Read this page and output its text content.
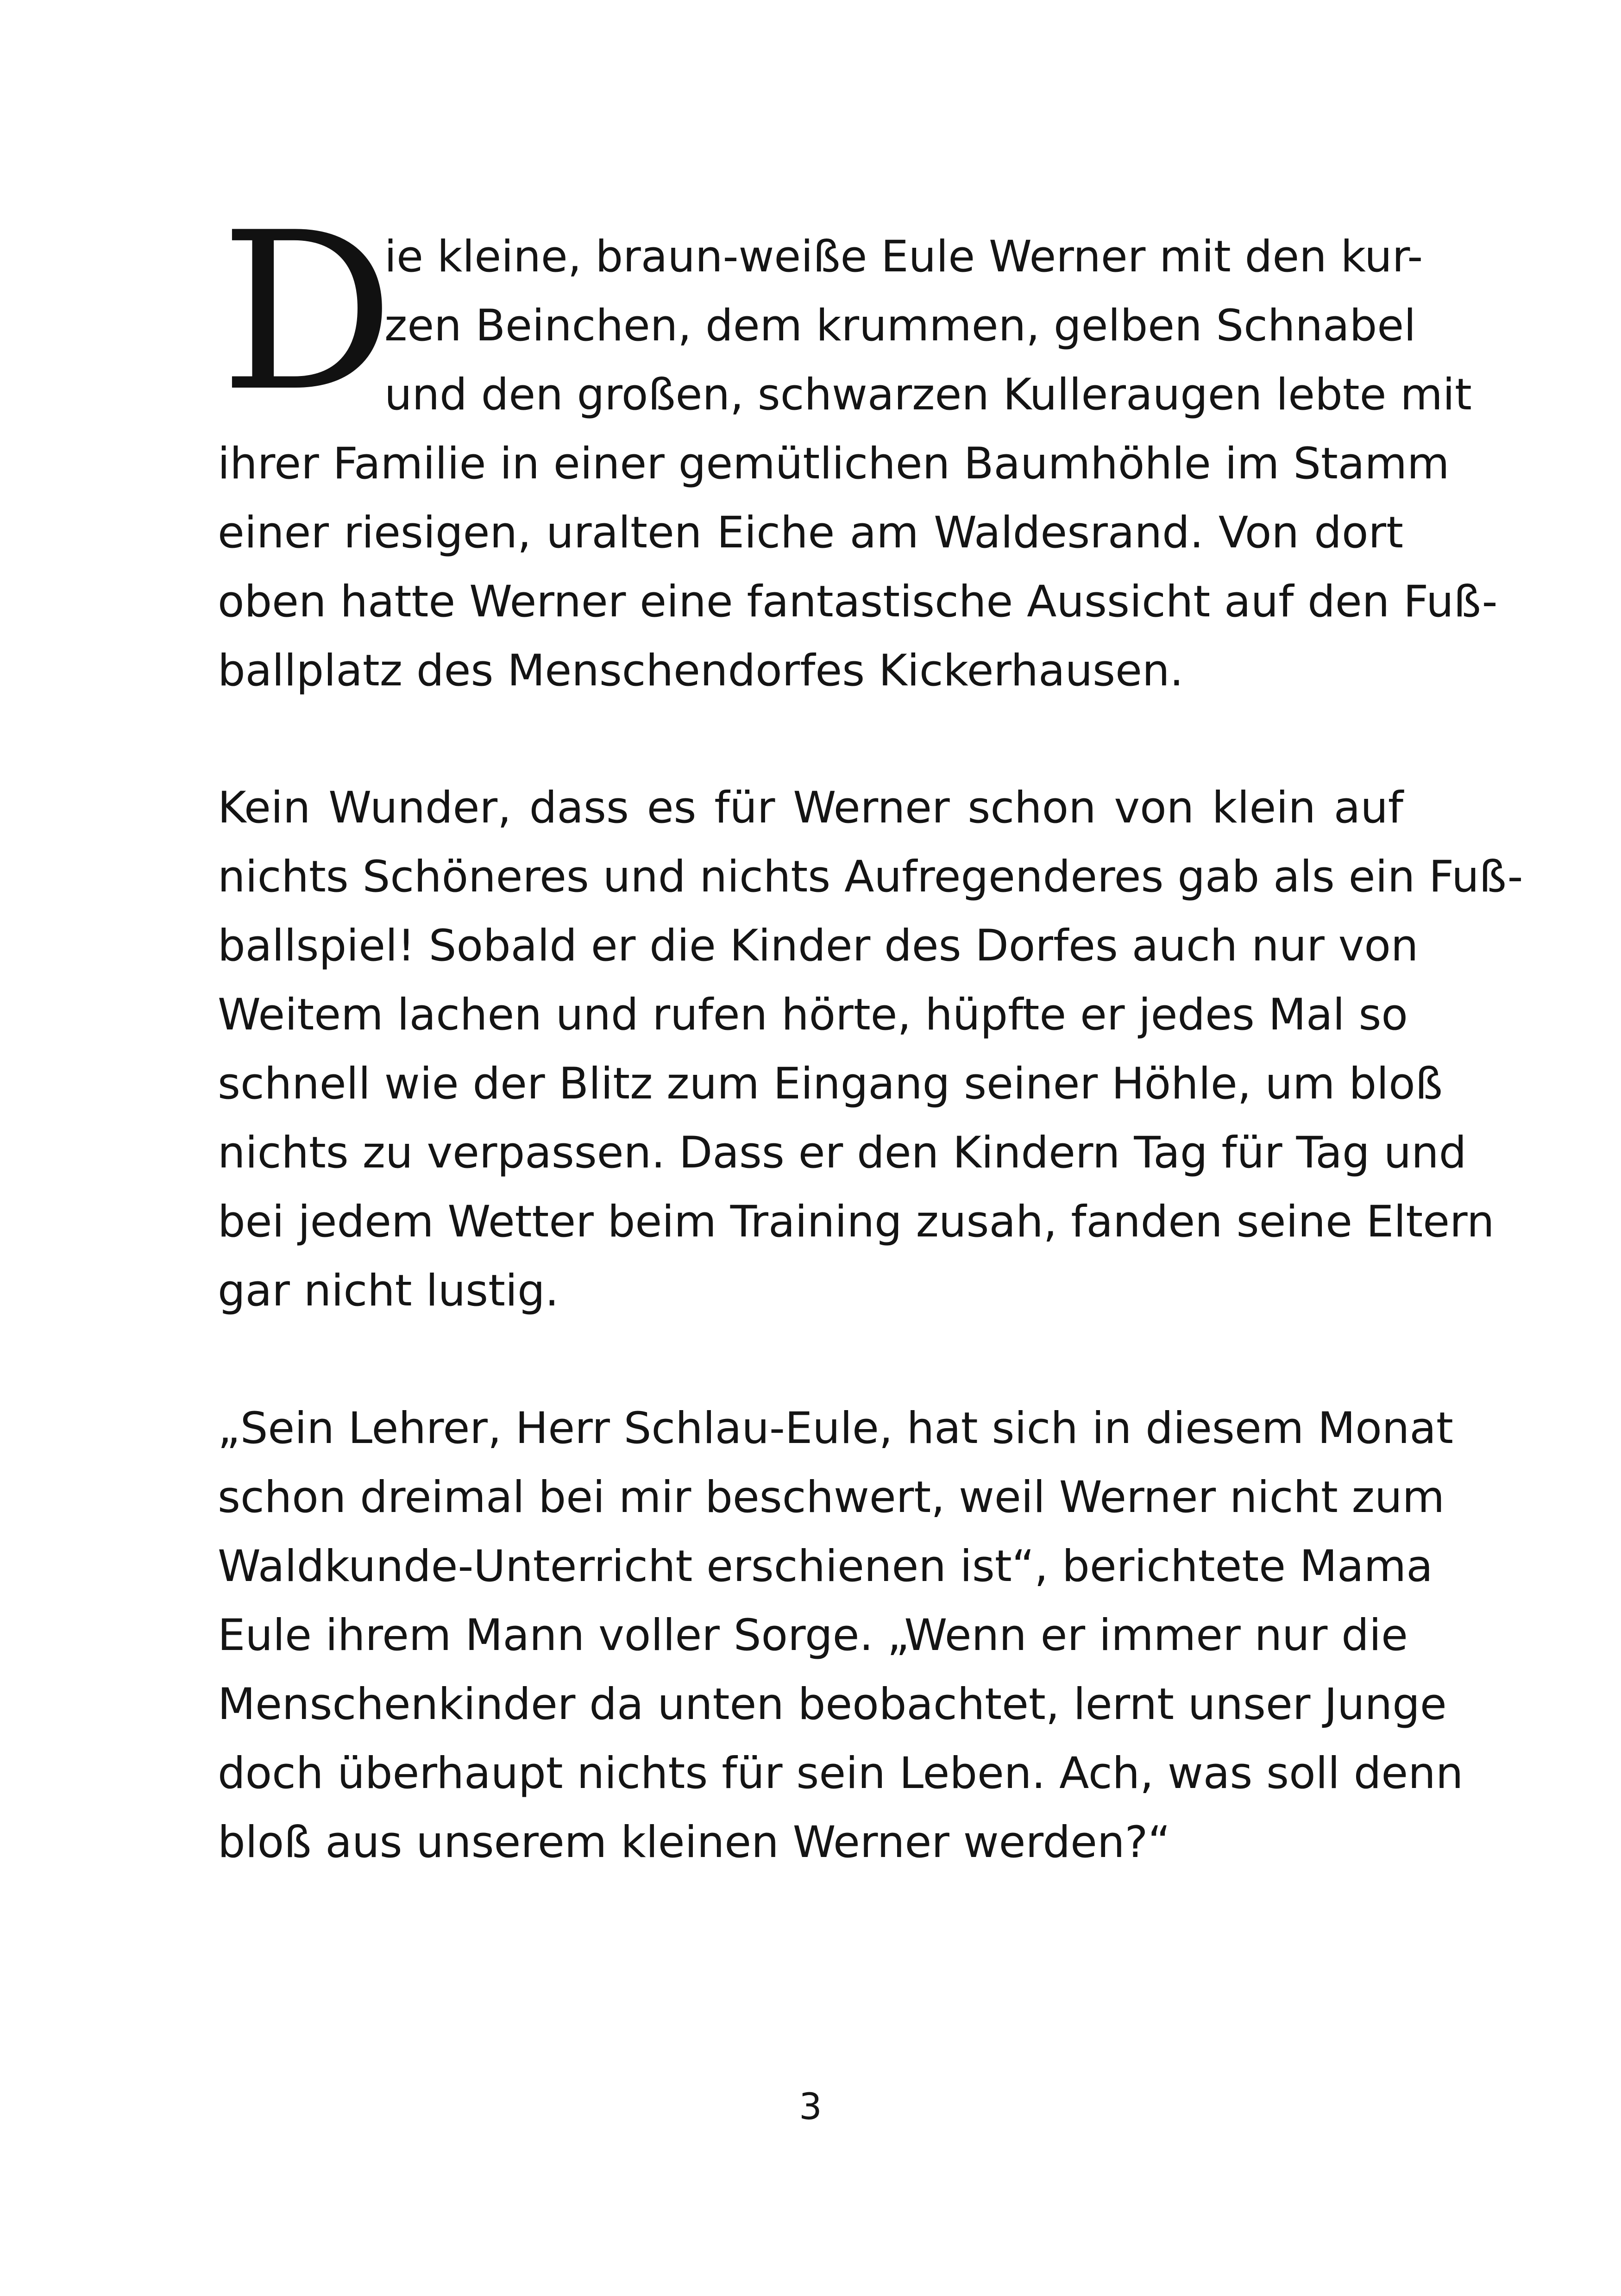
D
ie kleine, braun-weiße Eule Werner mit den kur-
zen Beinchen, dem krummen, gelben Schnabel
und den großen, schwarzen Kulleraugen lebte mit
ihrer Familie in einer gemütlichen Baumhöhle im Stamm
einer riesigen, uralten Eiche am Waldesrand. Von dort
oben hatte Werner eine fantastische Aussicht auf den Fuß-
ballplatz des Menschendorfes Kickerhausen.
Kein Wunder, dass es für Werner schon von klein auf
nichts Schöneres und nichts Aufregenderes gab als ein Fuß-
ballspiel! Sobald er die Kinder des Dorfes auch nur von
Weitem lachen und rufen hörte, hüpfte er jedes Mal so
schnell wie der Blitz zum Eingang seiner Höhle, um bloß
nichts zu verpassen. Dass er den Kindern Tag für Tag und
bei jedem Wetter beim Training zusah, fanden seine Eltern
gar nicht lustig.
„Sein Lehrer, Herr Schlau-Eule, hat sich in diesem Monat
schon dreimal bei mir beschwert, weil Werner nicht zum
Waldkunde-Unterricht erschienen ist“, berichtete Mama
Eule ihrem Mann voller Sorge. „Wenn er immer nur die
Menschenkinder da unten beobachtet, lernt unser Junge
doch überhaupt nichts für sein Leben. Ach, was soll denn
bloß aus unserem kleinen Werner werden?“
3
